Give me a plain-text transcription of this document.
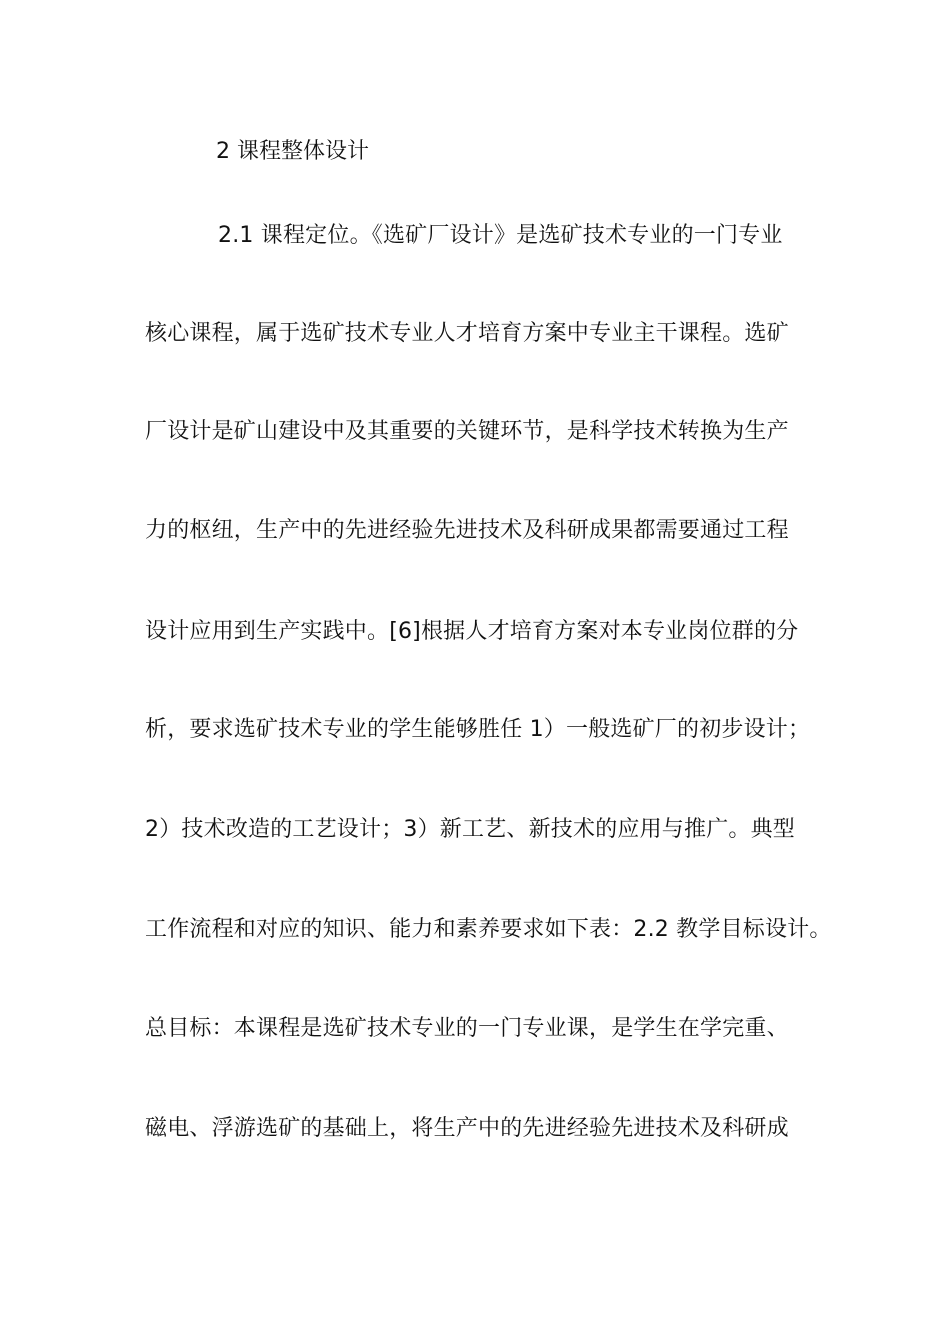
2 课程整体设计
2.1 课程定位。《选矿厂设计》是选矿技术专业的一门专业
核心课程，属于选矿技术专业人才培育方案中专业主干课程。选矿
厂设计是矿山建设中及其重要的关键环节，是科学技术转换为生产
力的枢纽，生产中的先进经验先进技术及科研成果都需要通过工程
设计应用到生产实践中。[6]根据人才培育方案对本专业岗位群的分
析，要求选矿技术专业的学生能够胜任 1）一般选矿厂的初步设计；
2）技术改造的工艺设计；3）新工艺、新技术的应用与推广。典型
工作流程和对应的知识、能力和素养要求如下表：2.2 教学目标设计。
总目标：本课程是选矿技术专业的一门专业课，是学生在学完重、
磁电、浮游选矿的基础上，将生产中的先进经验先进技术及科研成
